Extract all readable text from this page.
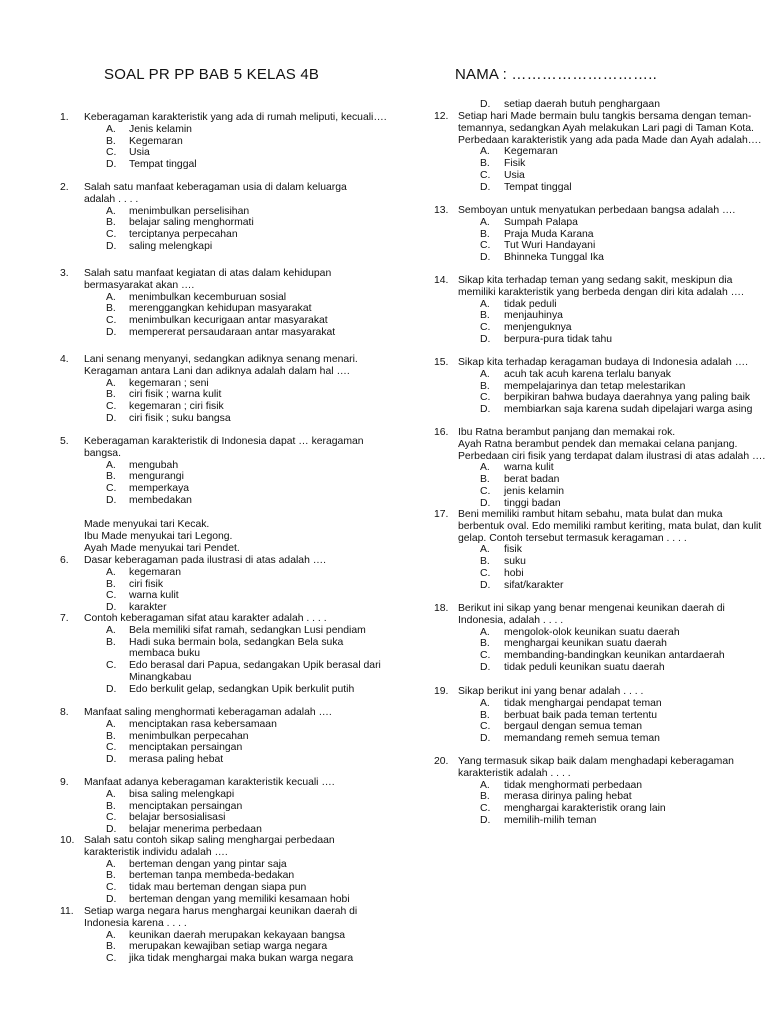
SOAL PR PP BAB 5 KELAS 4B	NAMA : ………………………..
1. Keberagaman karakteristik yang ada di rumah meliputi, kecuali….
A. Jenis kelamin
B. Kegemaran
C. Usia
D. Tempat tinggal
2. Salah satu manfaat keberagaman usia di dalam keluarga
adalah . . . .
A. menimbulkan perselisihan
B. belajar saling menghormati
C. terciptanya perpecahan
D. saling melengkapi
3. Salah satu manfaat kegiatan di atas dalam kehidupan
bermasyarakat akan ….
A. menimbulkan kecemburuan sosial
B. merenggangkan kehidupan masyarakat
C. menimbulkan kecurigaan antar masyarakat
D. mempererat persaudaraan antar masyarakat
4. Lani senang menyanyi, sedangkan adiknya senang menari.
Keragaman antara Lani dan adiknya adalah dalam hal ….
A. kegemaran ; seni
B. ciri fisik ; warna kulit
C. kegemaran ; ciri fisik
D. ciri fisik ; suku bangsa
5. Keberagaman karakteristik di Indonesia dapat … keragaman
bangsa.
A. mengubah
B. mengurangi
C. memperkaya
D. membedakan
Made menyukai tari Kecak.
Ibu Made menyukai tari Legong.
Ayah Made menyukai tari Pendet.
6. Dasar keberagaman pada ilustrasi di atas adalah ….
A. kegemaran
B. ciri fisik
C. warna kulit
D. karakter
7. Contoh keberagaman sifat atau karakter adalah . . . .
A. Bela memiliki sifat ramah, sedangkan Lusi pendiam
B. Hadi suka bermain bola, sedangkan Bela suka
membaca buku
C. Edo berasal dari Papua, sedangakan Upik berasal dari
Minangkabau
D. Edo berkulit gelap, sedangkan Upik berkulit putih
8. Manfaat saling menghormati keberagaman adalah ….
A. menciptakan rasa kebersamaan
B. menimbulkan perpecahan
C. menciptakan persaingan
D. merasa paling hebat
9. Manfaat adanya keberagaman karakteristik kecuali ….
A. bisa saling melengkapi
B. menciptakan persaingan
C. belajar bersosialisasi
D. belajar menerima perbedaan
10. Salah satu contoh sikap saling menghargai perbedaan
karakteristik individu adalah ….
A. berteman dengan yang pintar saja
B. berteman tanpa membeda-bedakan
C. tidak mau berteman dengan siapa pun
D. berteman dengan yang memiliki kesamaan hobi
11. Setiap warga negara harus menghargai keunikan daerah di
Indonesia karena . . . .
A. keunikan daerah merupakan kekayaan bangsa
B. merupakan kewajiban setiap warga negara
C. jika tidak menghargai maka bukan warga negara
D. setiap daerah butuh penghargaan
12. Setiap hari Made bermain bulu tangkis bersama dengan teman-
temannya, sedangkan Ayah melakukan Lari pagi di Taman Kota.
Perbedaan karakteristik yang ada pada Made dan Ayah adalah….
A. Kegemaran
B. Fisik
C. Usia
D. Tempat tinggal
13. Semboyan untuk menyatukan perbedaan bangsa adalah ….
A. Sumpah Palapa
B. Praja Muda Karana
C. Tut Wuri Handayani
D. Bhinneka Tunggal Ika
14. Sikap kita terhadap teman yang sedang sakit, meskipun dia
memiliki karakteristik yang berbeda dengan diri kita adalah ….
A. tidak peduli
B. menjauhinya
C. menjenguknya
D. berpura-pura tidak tahu
15. Sikap kita terhadap keragaman budaya di Indonesia adalah ….
A. acuh tak acuh karena terlalu banyak
B. mempelajarinya dan tetap melestarikan
C. berpikiran bahwa budaya daerahnya yang paling baik
D. membiarkan saja karena sudah dipelajari warga asing
16. Ibu Ratna berambut panjang dan memakai rok.
Ayah Ratna berambut pendek dan memakai celana panjang.
Perbedaan ciri fisik yang terdapat dalam ilustrasi di atas adalah ….
A. warna kulit
B. berat badan
C. jenis kelamin
D. tinggi badan
17. Beni memiliki rambut hitam sebahu, mata bulat dan muka
berbentuk oval. Edo memiliki rambut keriting, mata bulat, dan kulit
gelap. Contoh tersebut termasuk keragaman . . . .
A. fisik
B. suku
C. hobi
D. sifat/karakter
18. Berikut ini sikap yang benar mengenai keunikan daerah di
Indonesia, adalah . . . .
A. mengolok-olok keunikan suatu daerah
B. menghargai keunikan suatu daerah
C. membanding-bandingkan keunikan antardaerah
D. tidak peduli keunikan suatu daerah
19. Sikap berikut ini yang benar adalah . . . .
A. tidak menghargai pendapat teman
B. berbuat baik pada teman tertentu
C. bergaul dengan semua teman
D. memandang remeh semua teman
20. Yang termasuk sikap baik dalam menghadapi keberagaman
karakteristik adalah . . . .
A. tidak menghormati perbedaan
B. merasa dirinya paling hebat
C. menghargai karakteristik orang lain
D. memilih-milih teman
